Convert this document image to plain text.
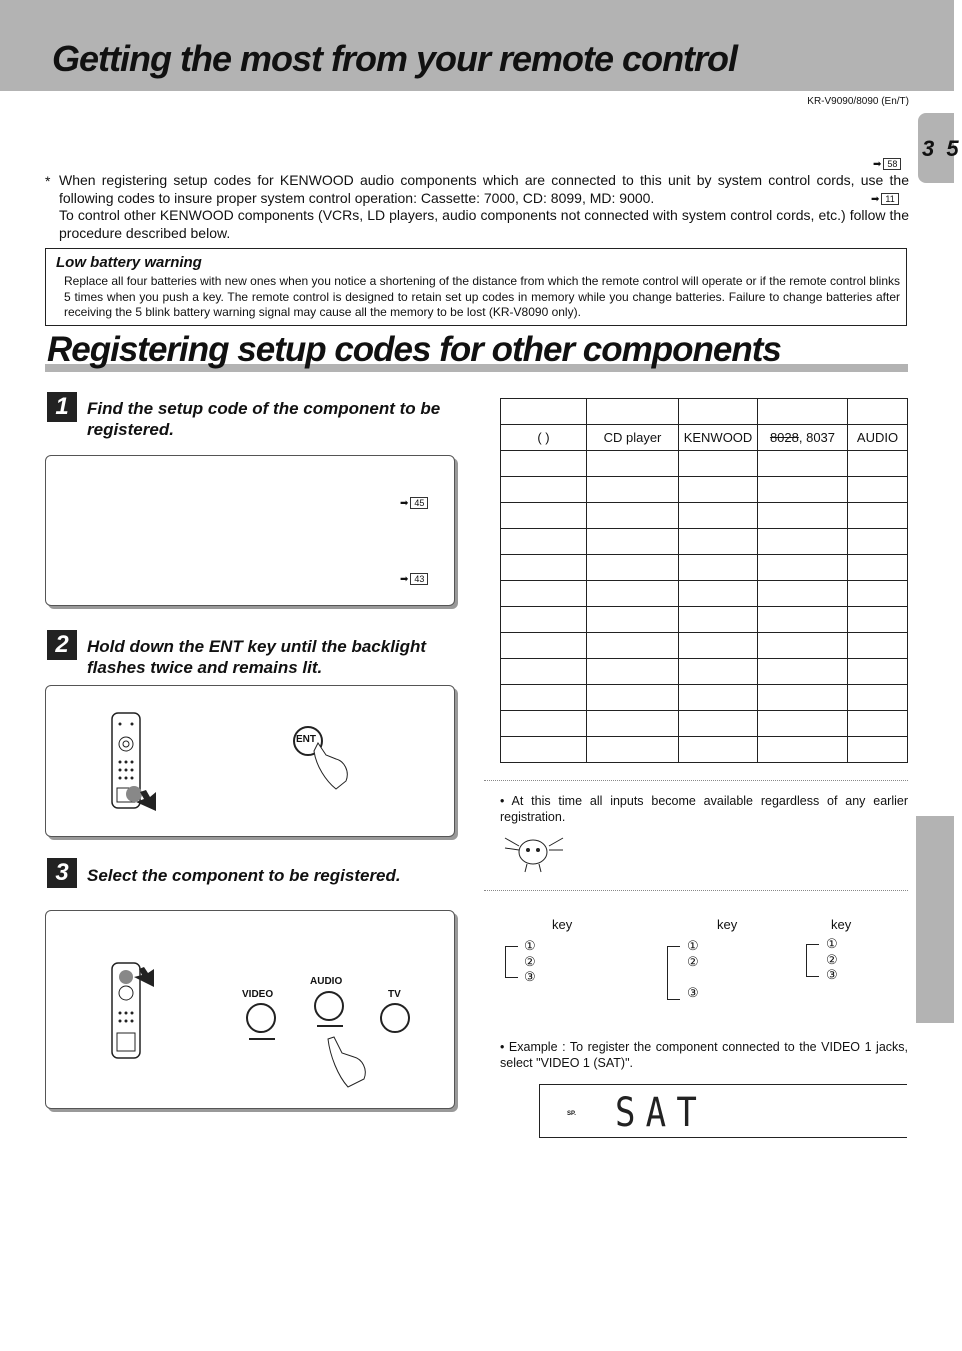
Getting the most from your remote control
KR-V9090/8090 (En/T)
3 5
➡ 58
* When registering setup codes for KENWOOD audio components which are connected to this unit by system control cords, use the following codes to insure proper system control operation: Cassette: 7000, CD: 8099, MD: 9000.

To control other KENWOOD components (VCRs, LD players, audio components not connected with system control cords, etc.) follow the procedure described below.

➡ 11
Low battery warning
Replace all four batteries with new ones when you notice a shortening of the distance from which the remote control will operate or if the remote control blinks 5 times when you push a key. The remote control is designed to retain set up codes in memory while you change batteries. Failure to change batteries after receiving the 5 blink battery warning signal may cause all the memory to be lost (KR-V8090 only).
Registering setup codes for other components
1	Find the setup code of the component to be registered.
➡ 45
➡ 43
2	Hold down the ENT key until the backlight flashes twice and remains lit.
ENT
3	Select the component to be registered.
VIDEO
AUDIO
TV

( )	CD player	KENWOOD	8028, 8037	AUDIO

• At this time all inputs become available regardless of any earlier registration.
key	key	key
①
②
③
①
②
③
①
②
③
• Example : To register the component connected to the VIDEO 1 jacks, select "VIDEO 1 (SAT)".
SP. SAT
